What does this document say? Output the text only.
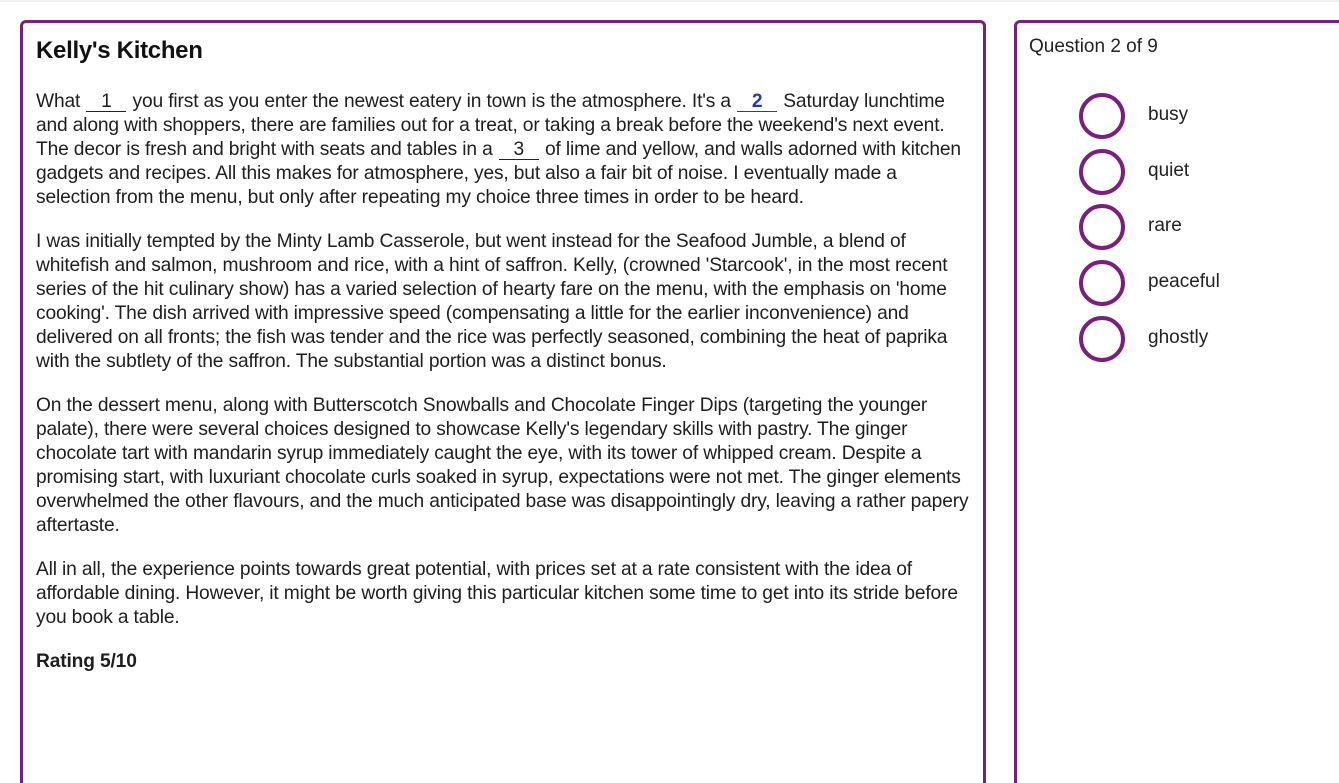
Kelly's Kitchen

What 1 you first as you enter the newest eatery in town is the atmosphere. It's a 2 Saturday lunchtime and along with shoppers, there are families out for a treat, or taking a break before the weekend's next event. The decor is fresh and bright with seats and tables in a 3 of lime and yellow, and walls adorned with kitchen gadgets and recipes. All this makes for atmosphere, yes, but also a fair bit of noise. I eventually made a selection from the menu, but only after repeating my choice three times in order to be heard.

I was initially tempted by the Minty Lamb Casserole, but went instead for the Seafood Jumble, a blend of whitefish and salmon, mushroom and rice, with a hint of saffron. Kelly, (crowned 'Starcook', in the most recent series of the hit culinary show) has a varied selection of hearty fare on the menu, with the emphasis on 'home cooking'. The dish arrived with impressive speed (compensating a little for the earlier inconvenience) and delivered on all fronts; the fish was tender and the rice was perfectly seasoned, combining the heat of paprika with the subtlety of the saffron. The substantial portion was a distinct bonus.

On the dessert menu, along with Butterscotch Snowballs and Chocolate Finger Dips (targeting the younger palate), there were several choices designed to showcase Kelly's legendary skills with pastry. The ginger chocolate tart with mandarin syrup immediately caught the eye, with its tower of whipped cream. Despite a promising start, with luxuriant chocolate curls soaked in syrup, expectations were not met. The ginger elements overwhelmed the other flavours, and the much anticipated base was disappointingly dry, leaving a rather papery aftertaste.

All in all, the experience points towards great potential, with prices set at a rate consistent with the idea of affordable dining. However, it might be worth giving this particular kitchen some time to get into its stride before you book a table.

Rating 5/10

Question 2 of 9
busy
quiet
rare
peaceful
ghostly
